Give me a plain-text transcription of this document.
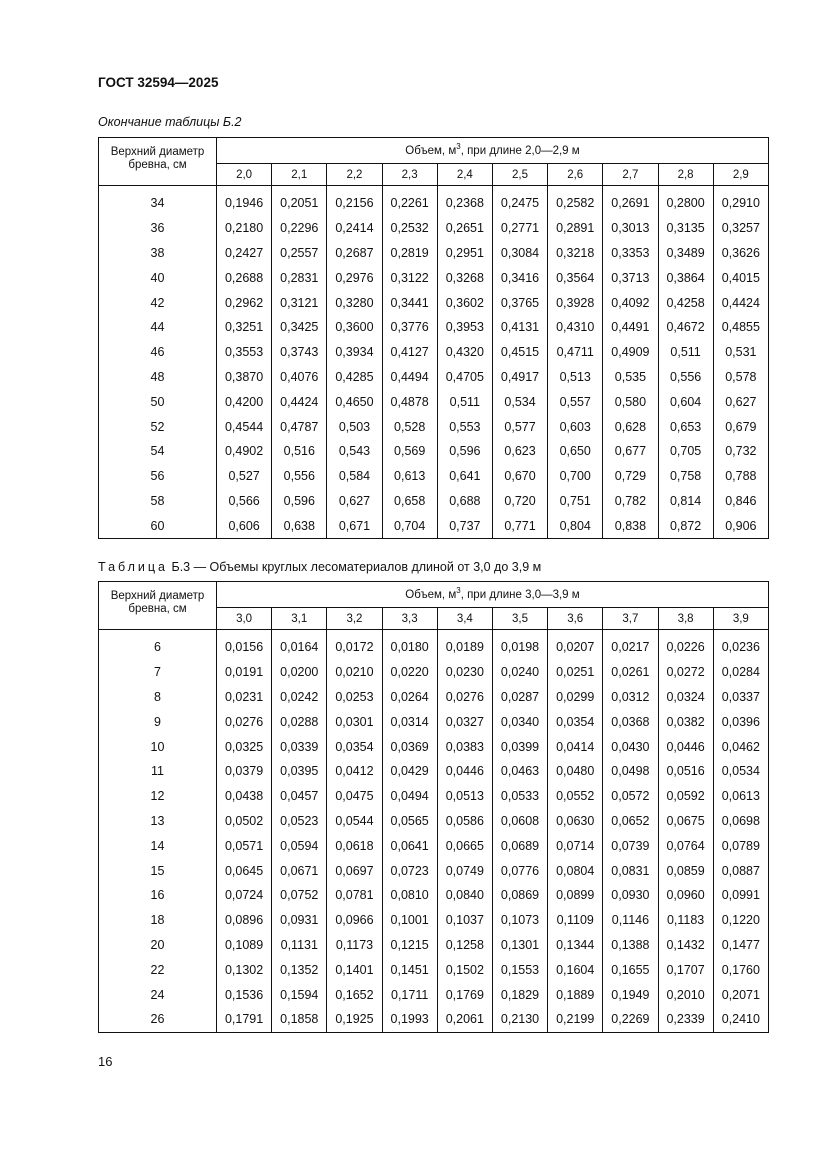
ГОСТ 32594—2025
Окончание таблицы Б.2
Верхний диаметр бревна, см	Объем, $м^3$, при длине 2,0—2,9 м									
	2,0	2,1	2,2	2,3	2,4	2,5	2,6	2,7	2,8	2,9

34	0,1946	0,2051	0,2156	0,2261	0,2368	0,2475	0,2582	0,2691	0,2800	0,2910
36	0,2180	0,2296	0,2414	0,2532	0,2651	0,2771	0,2891	0,3013	0,3135	0,3257
38	0,2427	0,2557	0,2687	0,2819	0,2951	0,3084	0,3218	0,3353	0,3489	0,3626
40	0,2688	0,2831	0,2976	0,3122	0,3268	0,3416	0,3564	0,3713	0,3864	0,4015
42	0,2962	0,3121	0,3280	0,3441	0,3602	0,3765	0,3928	0,4092	0,4258	0,4424
44	0,3251	0,3425	0,3600	0,3776	0,3953	0,4131	0,4310	0,4491	0,4672	0,4855
46	0,3553	0,3743	0,3934	0,4127	0,4320	0,4515	0,4711	0,4909	0,511	0,531
48	0,3870	0,4076	0,4285	0,4494	0,4705	0,4917	0,513	0,535	0,556	0,578
50	0,4200	0,4424	0,4650	0,4878	0,511	0,534	0,557	0,580	0,604	0,627
52	0,4544	0,4787	0,503	0,528	0,553	0,577	0,603	0,628	0,653	0,679
54	0,4902	0,516	0,543	0,569	0,596	0,623	0,650	0,677	0,705	0,732
56	0,527	0,556	0,584	0,613	0,641	0,670	0,700	0,729	0,758	0,788
58	0,566	0,596	0,627	0,658	0,688	0,720	0,751	0,782	0,814	0,846
60	0,606	0,638	0,671	0,704	0,737	0,771	0,804	0,838	0,872	0,906
Таблица Б.3 — Объемы круглых лесоматериалов длиной от 3,0 до 3,9 м
Верхний диаметр бревна, см	Объем, $м^3$, при длине 3,0—3,9 м									
	3,0	3,1	3,2	3,3	3,4	3,5	3,6	3,7	3,8	3,9

6	0,0156	0,0164	0,0172	0,0180	0,0189	0,0198	0,0207	0,0217	0,0226	0,0236
7	0,0191	0,0200	0,0210	0,0220	0,0230	0,0240	0,0251	0,0261	0,0272	0,0284
8	0,0231	0,0242	0,0253	0,0264	0,0276	0,0287	0,0299	0,0312	0,0324	0,0337
9	0,0276	0,0288	0,0301	0,0314	0,0327	0,0340	0,0354	0,0368	0,0382	0,0396
10	0,0325	0,0339	0,0354	0,0369	0,0383	0,0399	0,0414	0,0430	0,0446	0,0462
11	0,0379	0,0395	0,0412	0,0429	0,0446	0,0463	0,0480	0,0498	0,0516	0,0534
12	0,0438	0,0457	0,0475	0,0494	0,0513	0,0533	0,0552	0,0572	0,0592	0,0613
13	0,0502	0,0523	0,0544	0,0565	0,0586	0,0608	0,0630	0,0652	0,0675	0,0698
14	0,0571	0,0594	0,0618	0,0641	0,0665	0,0689	0,0714	0,0739	0,0764	0,0789
15	0,0645	0,0671	0,0697	0,0723	0,0749	0,0776	0,0804	0,0831	0,0859	0,0887
16	0,0724	0,0752	0,0781	0,0810	0,0840	0,0869	0,0899	0,0930	0,0960	0,0991
18	0,0896	0,0931	0,0966	0,1001	0,1037	0,1073	0,1109	0,1146	0,1183	0,1220
20	0,1089	0,1131	0,1173	0,1215	0,1258	0,1301	0,1344	0,1388	0,1432	0,1477
22	0,1302	0,1352	0,1401	0,1451	0,1502	0,1553	0,1604	0,1655	0,1707	0,1760
24	0,1536	0,1594	0,1652	0,1711	0,1769	0,1829	0,1889	0,1949	0,2010	0,2071
26	0,1791	0,1858	0,1925	0,1993	0,2061	0,2130	0,2199	0,2269	0,2339	0,2410
16
